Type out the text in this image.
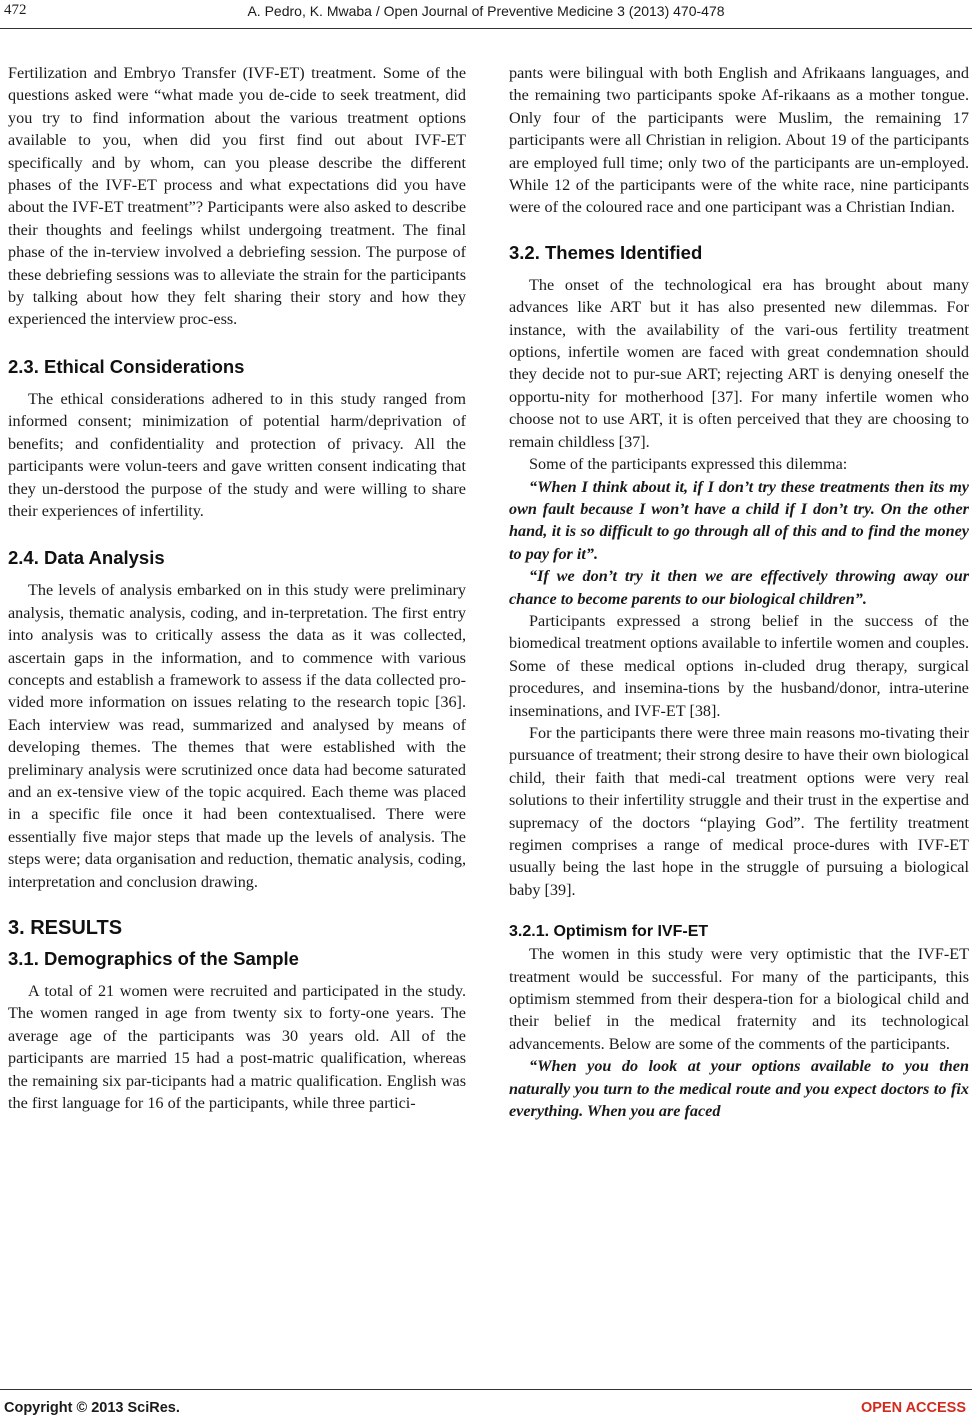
472	A. Pedro, K. Mwaba / Open Journal of Preventive Medicine 3 (2013) 470-478

Fertilization and Embryo Transfer (IVF-ET) treatment. Some of the questions asked were “what made you de-cide to seek treatment, did you try to find information about the various treatment options available to you, when did you first find out about IVF-ET specifically and by whom, can you please describe the different phases of the IVF-ET process and what expectations did you have about the IVF-ET treatment”? Participants were also asked to describe their thoughts and feelings whilst undergoing treatment. The final phase of the in-terview involved a debriefing session. The purpose of these debriefing sessions was to alleviate the strain for the participants by talking about how they felt sharing their story and how they experienced the interview proc-ess.

2.3. Ethical Considerations

The ethical considerations adhered to in this study ranged from informed consent; minimization of potential harm/deprivation of benefits; and confidentiality and protection of privacy. All the participants were volun-teers and gave written consent indicating that they un-derstood the purpose of the study and were willing to share their experiences of infertility.

2.4. Data Analysis

The levels of analysis embarked on in this study were preliminary analysis, thematic analysis, coding, and in-terpretation. The first entry into analysis was to critically assess the data as it was collected, ascertain gaps in the information, and to commence with various concepts and establish a framework to assess if the data collected pro-vided more information on issues relating to the research topic [36]. Each interview was read, summarized and analysed by means of developing themes. The themes that were established with the preliminary analysis were scrutinized once data had become saturated and an ex-tensive view of the topic acquired. Each theme was placed in a specific file once it had been contextualised. There were essentially five major steps that made up the levels of analysis. The steps were; data organisation and reduction, thematic analysis, coding, interpretation and conclusion drawing.

3. RESULTS
3.1. Demographics of the Sample

A total of 21 women were recruited and participated in the study. The women ranged in age from twenty six to forty-one years. The average age of the participants was 30 years old. All of the participants are married 15 had a post-matric qualification, whereas the remaining six par-ticipants had a matric qualification. English was the first language for 16 of the participants, while three partici-

pants were bilingual with both English and Afrikaans languages, and the remaining two participants spoke Af-rikaans as a mother tongue. Only four of the participants were Muslim, the remaining 17 participants were all Christian in religion. About 19 of the participants are employed full time; only two of the participants are un-employed. While 12 of the participants were of the white race, nine participants were of the coloured race and one participant was a Christian Indian.

3.2. Themes Identified

The onset of the technological era has brought about many advances like ART but it has also presented new dilemmas. For instance, with the availability of the vari-ous fertility treatment options, infertile women are faced with great condemnation should they decide not to pur-sue ART; rejecting ART is denying oneself the opportu-nity for motherhood [37]. For many infertile women who choose not to use ART, it is often perceived that they are choosing to remain childless [37].

Some of the participants expressed this dilemma:

“When I think about it, if I don’t try these treatments then its my own fault because I won’t have a child if I don’t try. On the other hand, it is so difficult to go through all of this and to find the money to pay for it”.

“If we don’t try it then we are effectively throwing away our chance to become parents to our biological children”.

Participants expressed a strong belief in the success of the biomedical treatment options available to infertile women and couples. Some of these medical options in-cluded drug therapy, surgical procedures, and insemina-tions by the husband/donor, intra-uterine inseminations, and IVF-ET [38].

For the participants there were three main reasons mo-tivating their pursuance of treatment; their strong desire to have their own biological child, their faith that medi-cal treatment options were very real solutions to their infertility struggle and their trust in the expertise and supremacy of the doctors “playing God”. The fertility treatment regimen comprises a range of medical proce-dures with IVF-ET usually being the last hope in the struggle of pursuing a biological baby [39].

3.2.1. Optimism for IVF-ET

The women in this study were very optimistic that the IVF-ET treatment would be successful. For many of the participants, this optimism stemmed from their despera-tion for a biological child and their belief in the medical fraternity and its technological advancements. Below are some of the comments of the participants.

“When you do look at your options available to you then naturally you turn to the medical route and you expect doctors to fix everything. When you are faced

Copyright © 2013 SciRes.	OPEN ACCESS
